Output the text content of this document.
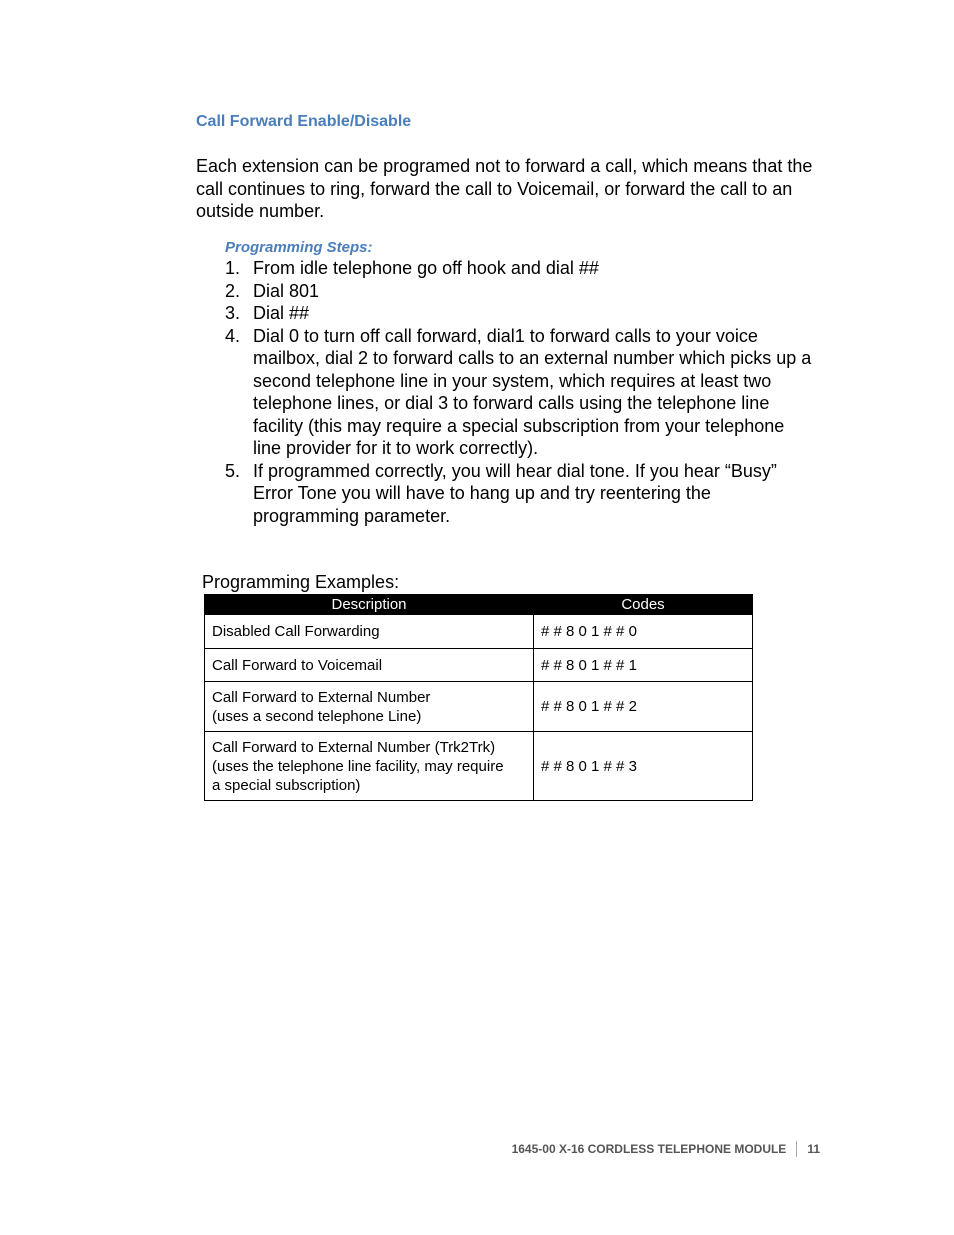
Call Forward Enable/Disable
Each extension can be programed not to forward a call, which means that the call continues to ring, forward the call to Voicemail, or forward the call to an outside number.
Programming Steps:
1. From idle telephone go off hook and dial ##
2. Dial 801
3. Dial ##
4. Dial 0 to turn off call forward, dial1 to forward calls to your voice mailbox, dial 2 to forward calls to an external number which picks up a second telephone line in your system, which requires at least two telephone lines, or dial 3 to forward calls using the telephone line facility (this may require a special subscription from your telephone line provider for it to work correctly).
5. If programmed correctly, you will hear dial tone. If you hear “Busy” Error Tone you will have to hang up and try reentering the programming parameter.
Programming Examples:
Description	Codes

Disabled Call Forwarding	# # 8 0 1 # # 0

Call Forward to Voicemail	# # 8 0 1 # # 1

Call Forward to External Number
(uses a second telephone Line)	# # 8 0 1 # # 2

Call Forward to External Number (Trk2Trk)
(uses the telephone line facility, may require
a special subscription)	# # 8 0 1 # # 3
1645-00 X-16 CORDLESS TELEPHONE MODULE 11
